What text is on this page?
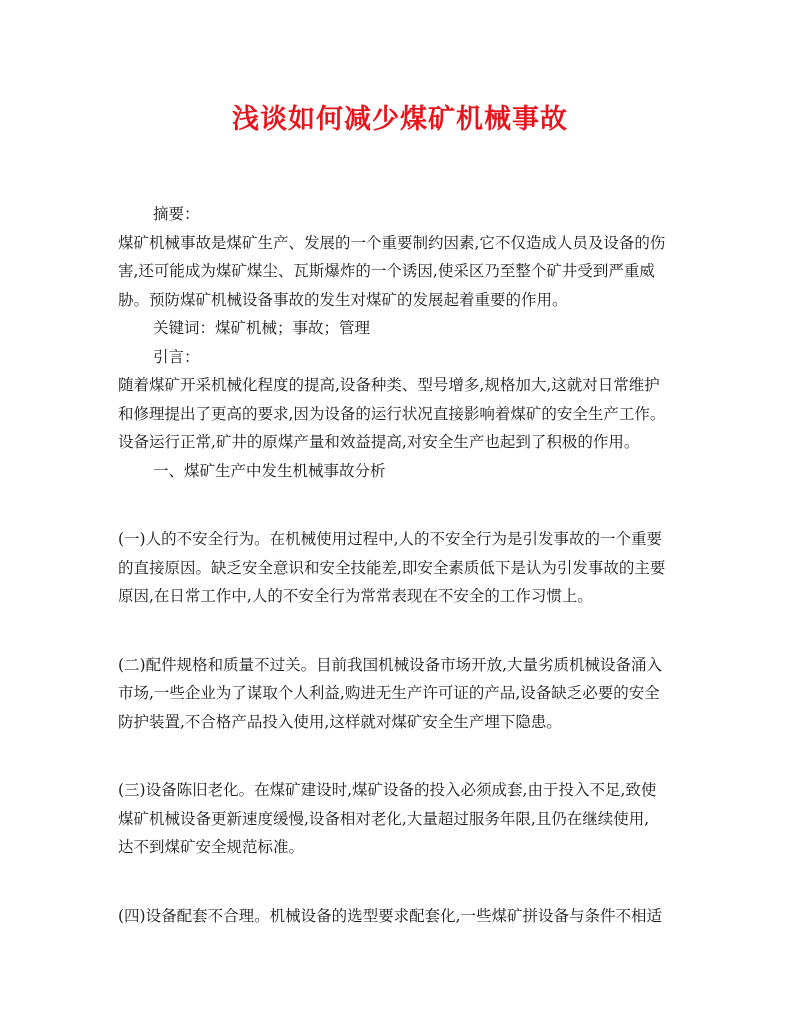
浅谈如何减少煤矿机械事故
摘要：
煤矿机械事故是煤矿生产、发展的一个重要制约因素,它不仅造成人员及设备的伤
害,还可能成为煤矿煤尘、瓦斯爆炸的一个诱因,使采区乃至整个矿井受到严重威
胁。预防煤矿机械设备事故的发生对煤矿的发展起着重要的作用。
关键词：煤矿机械；事故；管理
引言：
随着煤矿开采机械化程度的提高,设备种类、型号增多,规格加大,这就对日常维护
和修理提出了更高的要求,因为设备的运行状况直接影响着煤矿的安全生产工作。
设备运行正常,矿井的原煤产量和效益提高,对安全生产也起到了积极的作用。
一、煤矿生产中发生机械事故分析
(一)人的不安全行为。在机械使用过程中,人的不安全行为是引发事故的一个重要
的直接原因。缺乏安全意识和安全技能差,即安全素质低下是认为引发事故的主要
原因,在日常工作中,人的不安全行为常常表现在不安全的工作习惯上。
(二)配件规格和质量不过关。目前我国机械设备市场开放,大量劣质机械设备涌入
市场,一些企业为了谋取个人利益,购进无生产许可证的产品,设备缺乏必要的安全
防护装置,不合格产品投入使用,这样就对煤矿安全生产埋下隐患。
(三)设备陈旧老化。在煤矿建设时,煤矿设备的投入必须成套,由于投入不足,致使
煤矿机械设备更新速度缓慢,设备相对老化,大量超过服务年限,且仍在继续使用,
达不到煤矿安全规范标准。
(四)设备配套不合理。机械设备的选型要求配套化,一些煤矿拼设备与条件不相适
